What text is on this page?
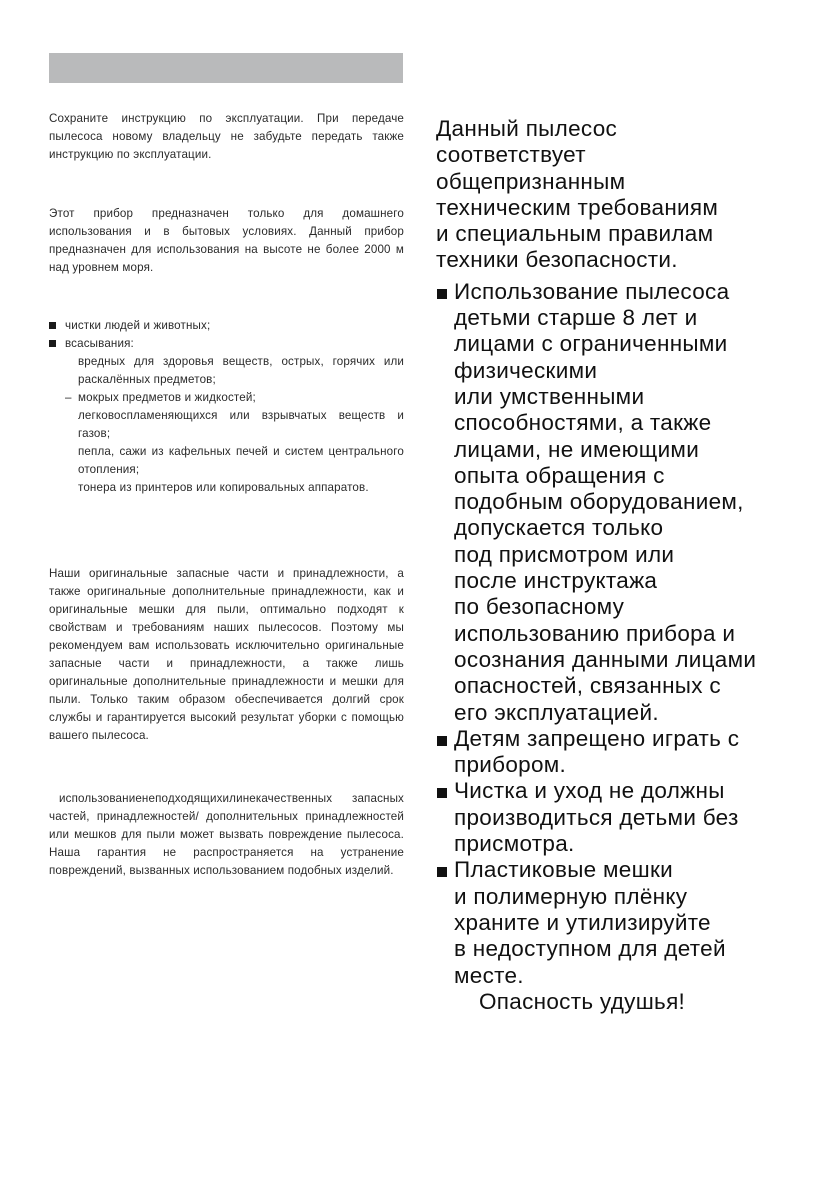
Сохраните инструкцию по эксплуатации. При передаче пылесоса новому владельцу не забудьте передать также инструкцию по эксплуатации.

Этот прибор предназначен только для домашнего использования и в бытовых условиях. Данный прибор предназначен для использования на высоте не более 2000 м над уровнем моря.

чистки людей и животных;
всасывания:
вредных для здоровья веществ, острых, горячих или раскалённых предметов;
– мокрых предметов и жидкостей;
легковоспламеняющихся или взрывчатых веществ и газов;
пепла, сажи из кафельных печей и систем центрального отопления;
тонера из принтеров или копировальных аппаратов.

Наши оригинальные запасные части и принадлежности, а также оригинальные дополнительные принадлежности, как и оригинальные мешки для пыли, оптимально подходят к свойствам и требованиям наших пылесосов. Поэтому мы рекомендуем вам использовать исключительно оригинальные запасные части и принадлежности, а также лишь оригинальные дополнительные принадлежности и мешки для пыли. Только таким образом обеспечивается долгий срок службы и гарантируется высокий результат уборки с помощью вашего пылесоса.

использованиенеподходящихилинекачественных запасных частей, принадлежностей/ дополнительных принадлежностей или мешков для пыли может вызвать повреждение пылесоса. Наша гарантия не распространяется на устранение повреждений, вызванных использованием подобных изделий.

Данный пылесос
соответствует
общепризнанным
техническим требованиям
и специальным правилам
техники безопасности.

Использование пылесоса
детьми старше 8 лет и
лицами с ограниченными
физическими
или умственными
способностями, а также
лицами, не имеющими
опыта обращения с
подобным оборудованием,
допускается только
под присмотром или
после инструктажа
по безопасному
использованию прибора и
осознания данными лицами
опасностей, связанных с
его эксплуатацией.
Детям запрещено играть с
прибором.
Чистка и уход не должны
производиться детьми без
присмотра.
Пластиковые мешки
и полимерную плёнку
храните и утилизируйте
в недоступном для детей
месте.
Опасность удушья!
